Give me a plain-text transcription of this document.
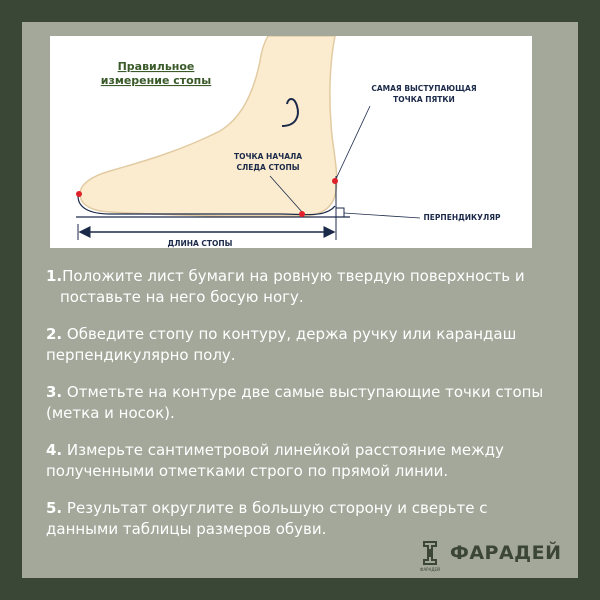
Правильное
измерение стопы
САМАЯ ВЫСТУПАЮЩАЯ
ТОЧКА ПЯТКИ
ТОЧКА НАЧАЛА
СЛЕДА СТОПЫ
ПЕРПЕНДИКУЛЯР
ДЛИНА СТОПЫ
1.Положите лист бумаги на ровную твердую поверхность и поставьте на него босую ногу.
2. Обведите стопу по контуру, держа ручку или карандаш перпендикулярно полу.
3. Отметьте на контуре две самые выступающие точки стопы (метка и носок).
4. Измерьте сантиметровой линейкой расстояние между полученными отметками строго по прямой линии.
5. Результат округлите в большую сторону и сверьте с данными таблицы размеров обуви.
ФАРАДЕЙ
ФАРАДЕЙ
